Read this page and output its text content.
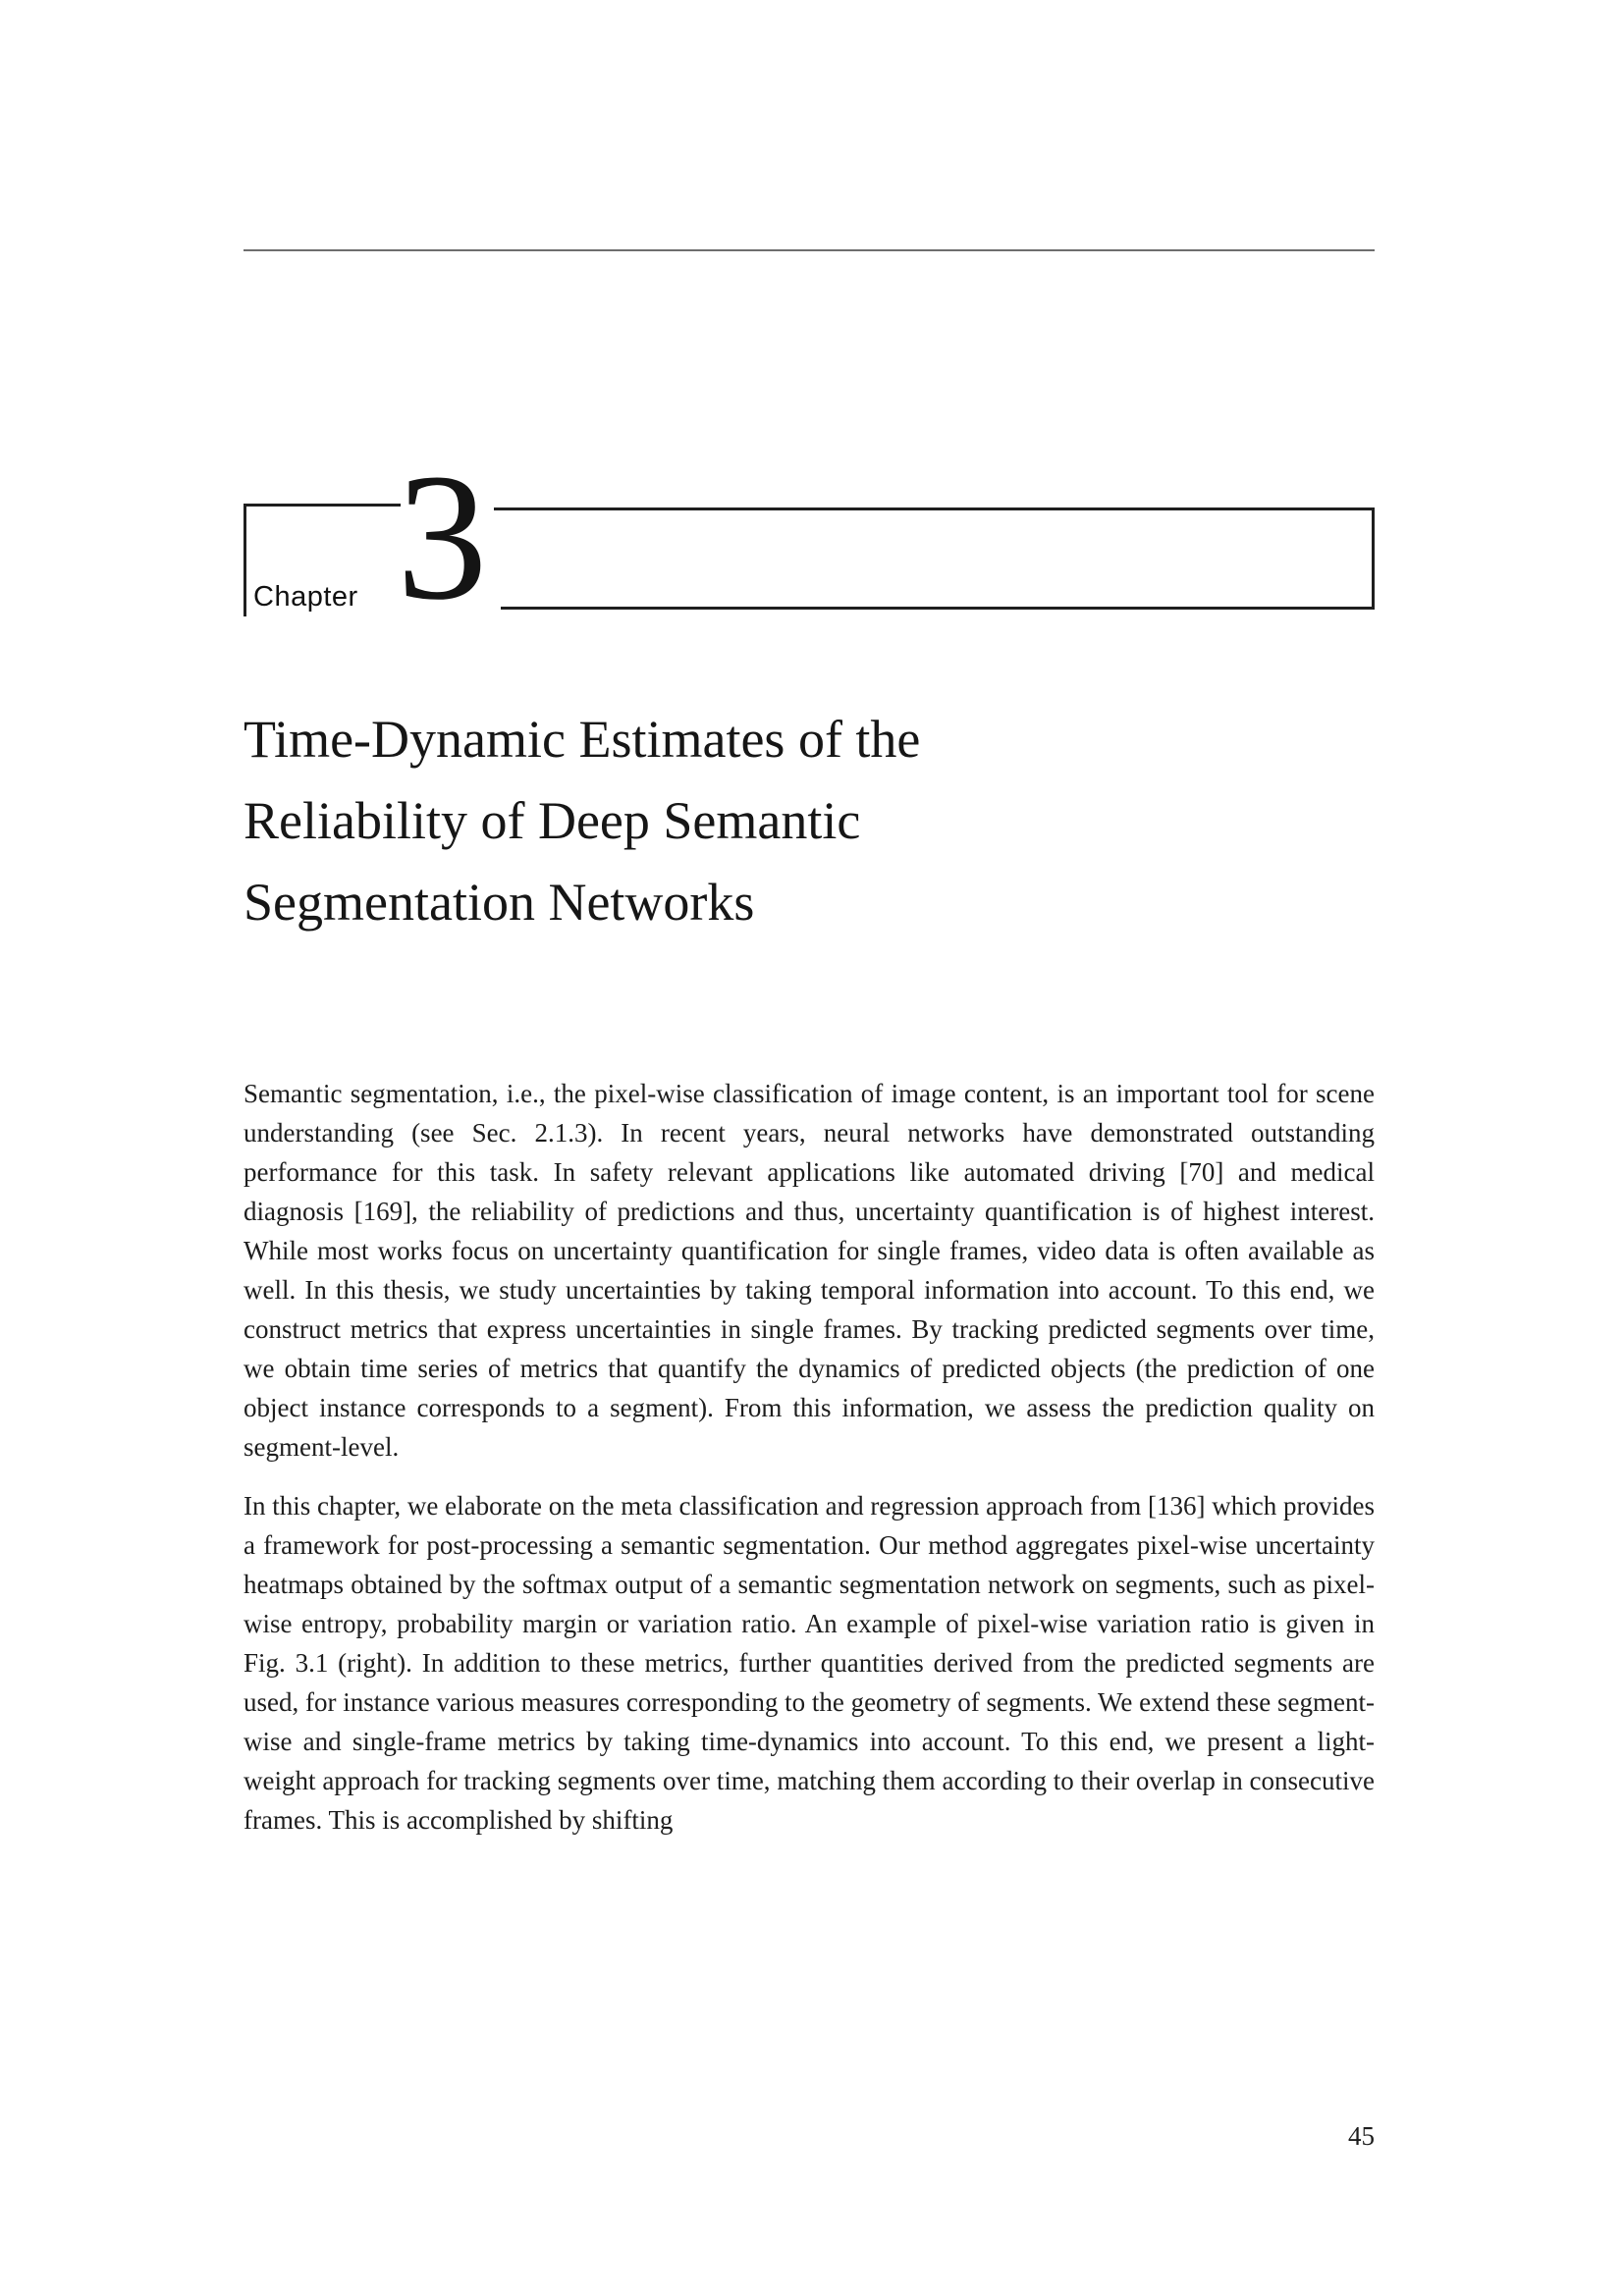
Chapter 3
Time-Dynamic Estimates of the
Reliability of Deep Semantic
Segmentation Networks

Semantic segmentation, i.e., the pixel-wise classification of image content, is an important tool for scene understanding (see Sec. 2.1.3). In recent years, neural networks have demonstrated outstanding performance for this task. In safety relevant applications like automated driving [70] and medical diagnosis [169], the reliability of predictions and thus, uncertainty quantification is of highest interest. While most works focus on uncertainty quantification for single frames, video data is often available as well. In this thesis, we study uncertainties by taking temporal information into account. To this end, we construct metrics that express uncertainties in single frames. By tracking predicted segments over time, we obtain time series of metrics that quantify the dynamics of predicted objects (the prediction of one object instance corresponds to a segment). From this information, we assess the prediction quality on segment-level.

In this chapter, we elaborate on the meta classification and regression approach from [136] which provides a framework for post-processing a semantic segmentation. Our method aggregates pixel-wise uncertainty heatmaps obtained by the softmax output of a semantic segmentation network on segments, such as pixel-wise entropy, probability margin or variation ratio. An example of pixel-wise variation ratio is given in Fig. 3.1 (right). In addition to these metrics, further quantities derived from the predicted segments are used, for instance various measures corresponding to the geometry of segments. We extend these segment-wise and single-frame metrics by taking time-dynamics into account. To this end, we present a light-weight approach for tracking segments over time, matching them according to their overlap in consecutive frames. This is accomplished by shifting

45
